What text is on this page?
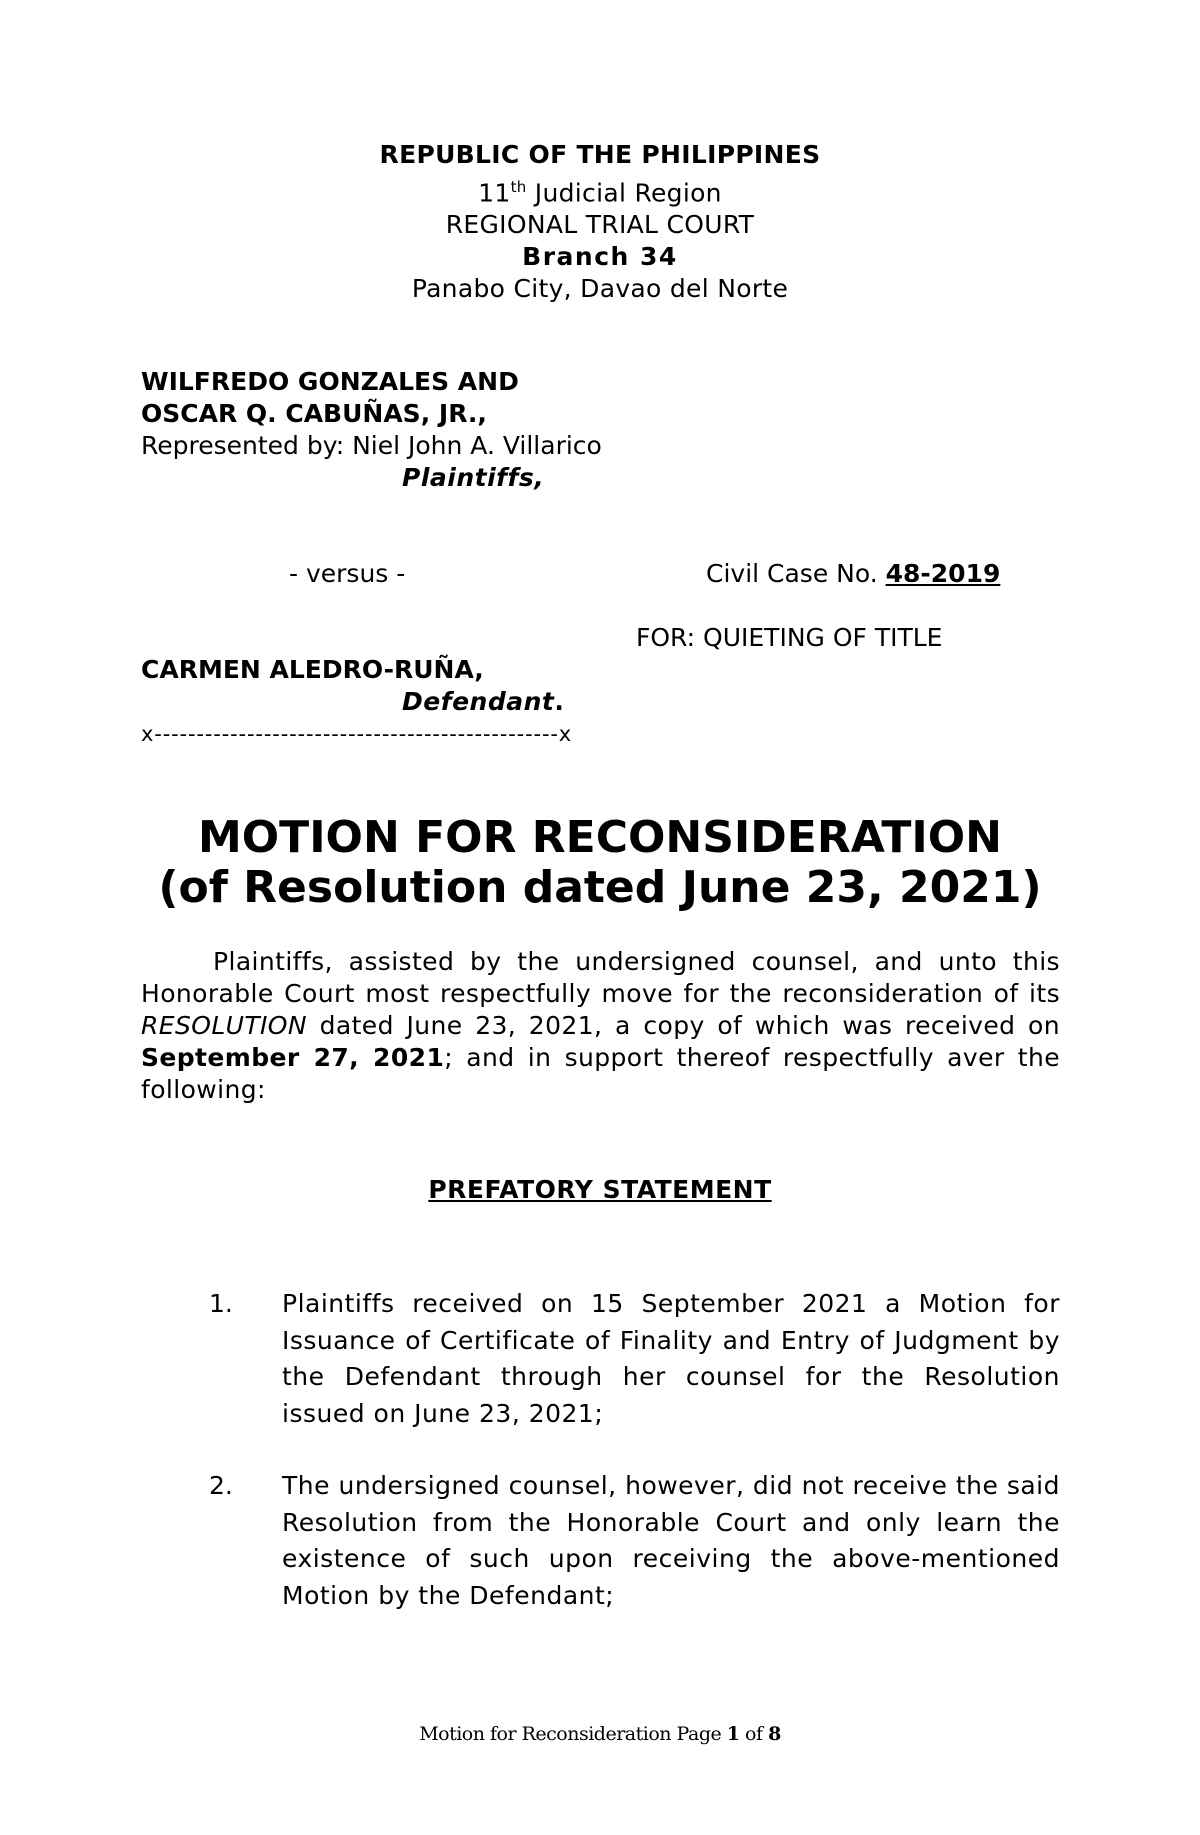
REPUBLIC OF THE PHILIPPINES
11th Judicial Region
REGIONAL TRIAL COURT
Branch 34
Panabo City, Davao del Norte
WILFREDO GONZALES AND
OSCAR Q. CABUÑAS, JR.,
Represented by: Niel John A. Villarico
Plaintiffs,
- versus -	Civil Case No. 48-2019
FOR: QUIETING OF TITLE
CARMEN ALEDRO-RUÑA,
Defendant.
x------------------------------------------------x
MOTION FOR RECONSIDERATION
(of Resolution dated June 23, 2021)
Plaintiffs, assisted by the undersigned counsel, and unto this Honorable Court most respectfully move for the reconsideration of its RESOLUTION dated June 23, 2021, a copy of which was received on September 27, 2021; and in support thereof respectfully aver the following:
PREFATORY STATEMENT
1. Plaintiffs received on 15 September 2021 a Motion for Issuance of Certificate of Finality and Entry of Judgment by the Defendant through her counsel for the Resolution issued on June 23, 2021;
2. The undersigned counsel, however, did not receive the said Resolution from the Honorable Court and only learn the existence of such upon receiving the above-mentioned Motion by the Defendant;
Motion for Reconsideration Page 1 of 8
